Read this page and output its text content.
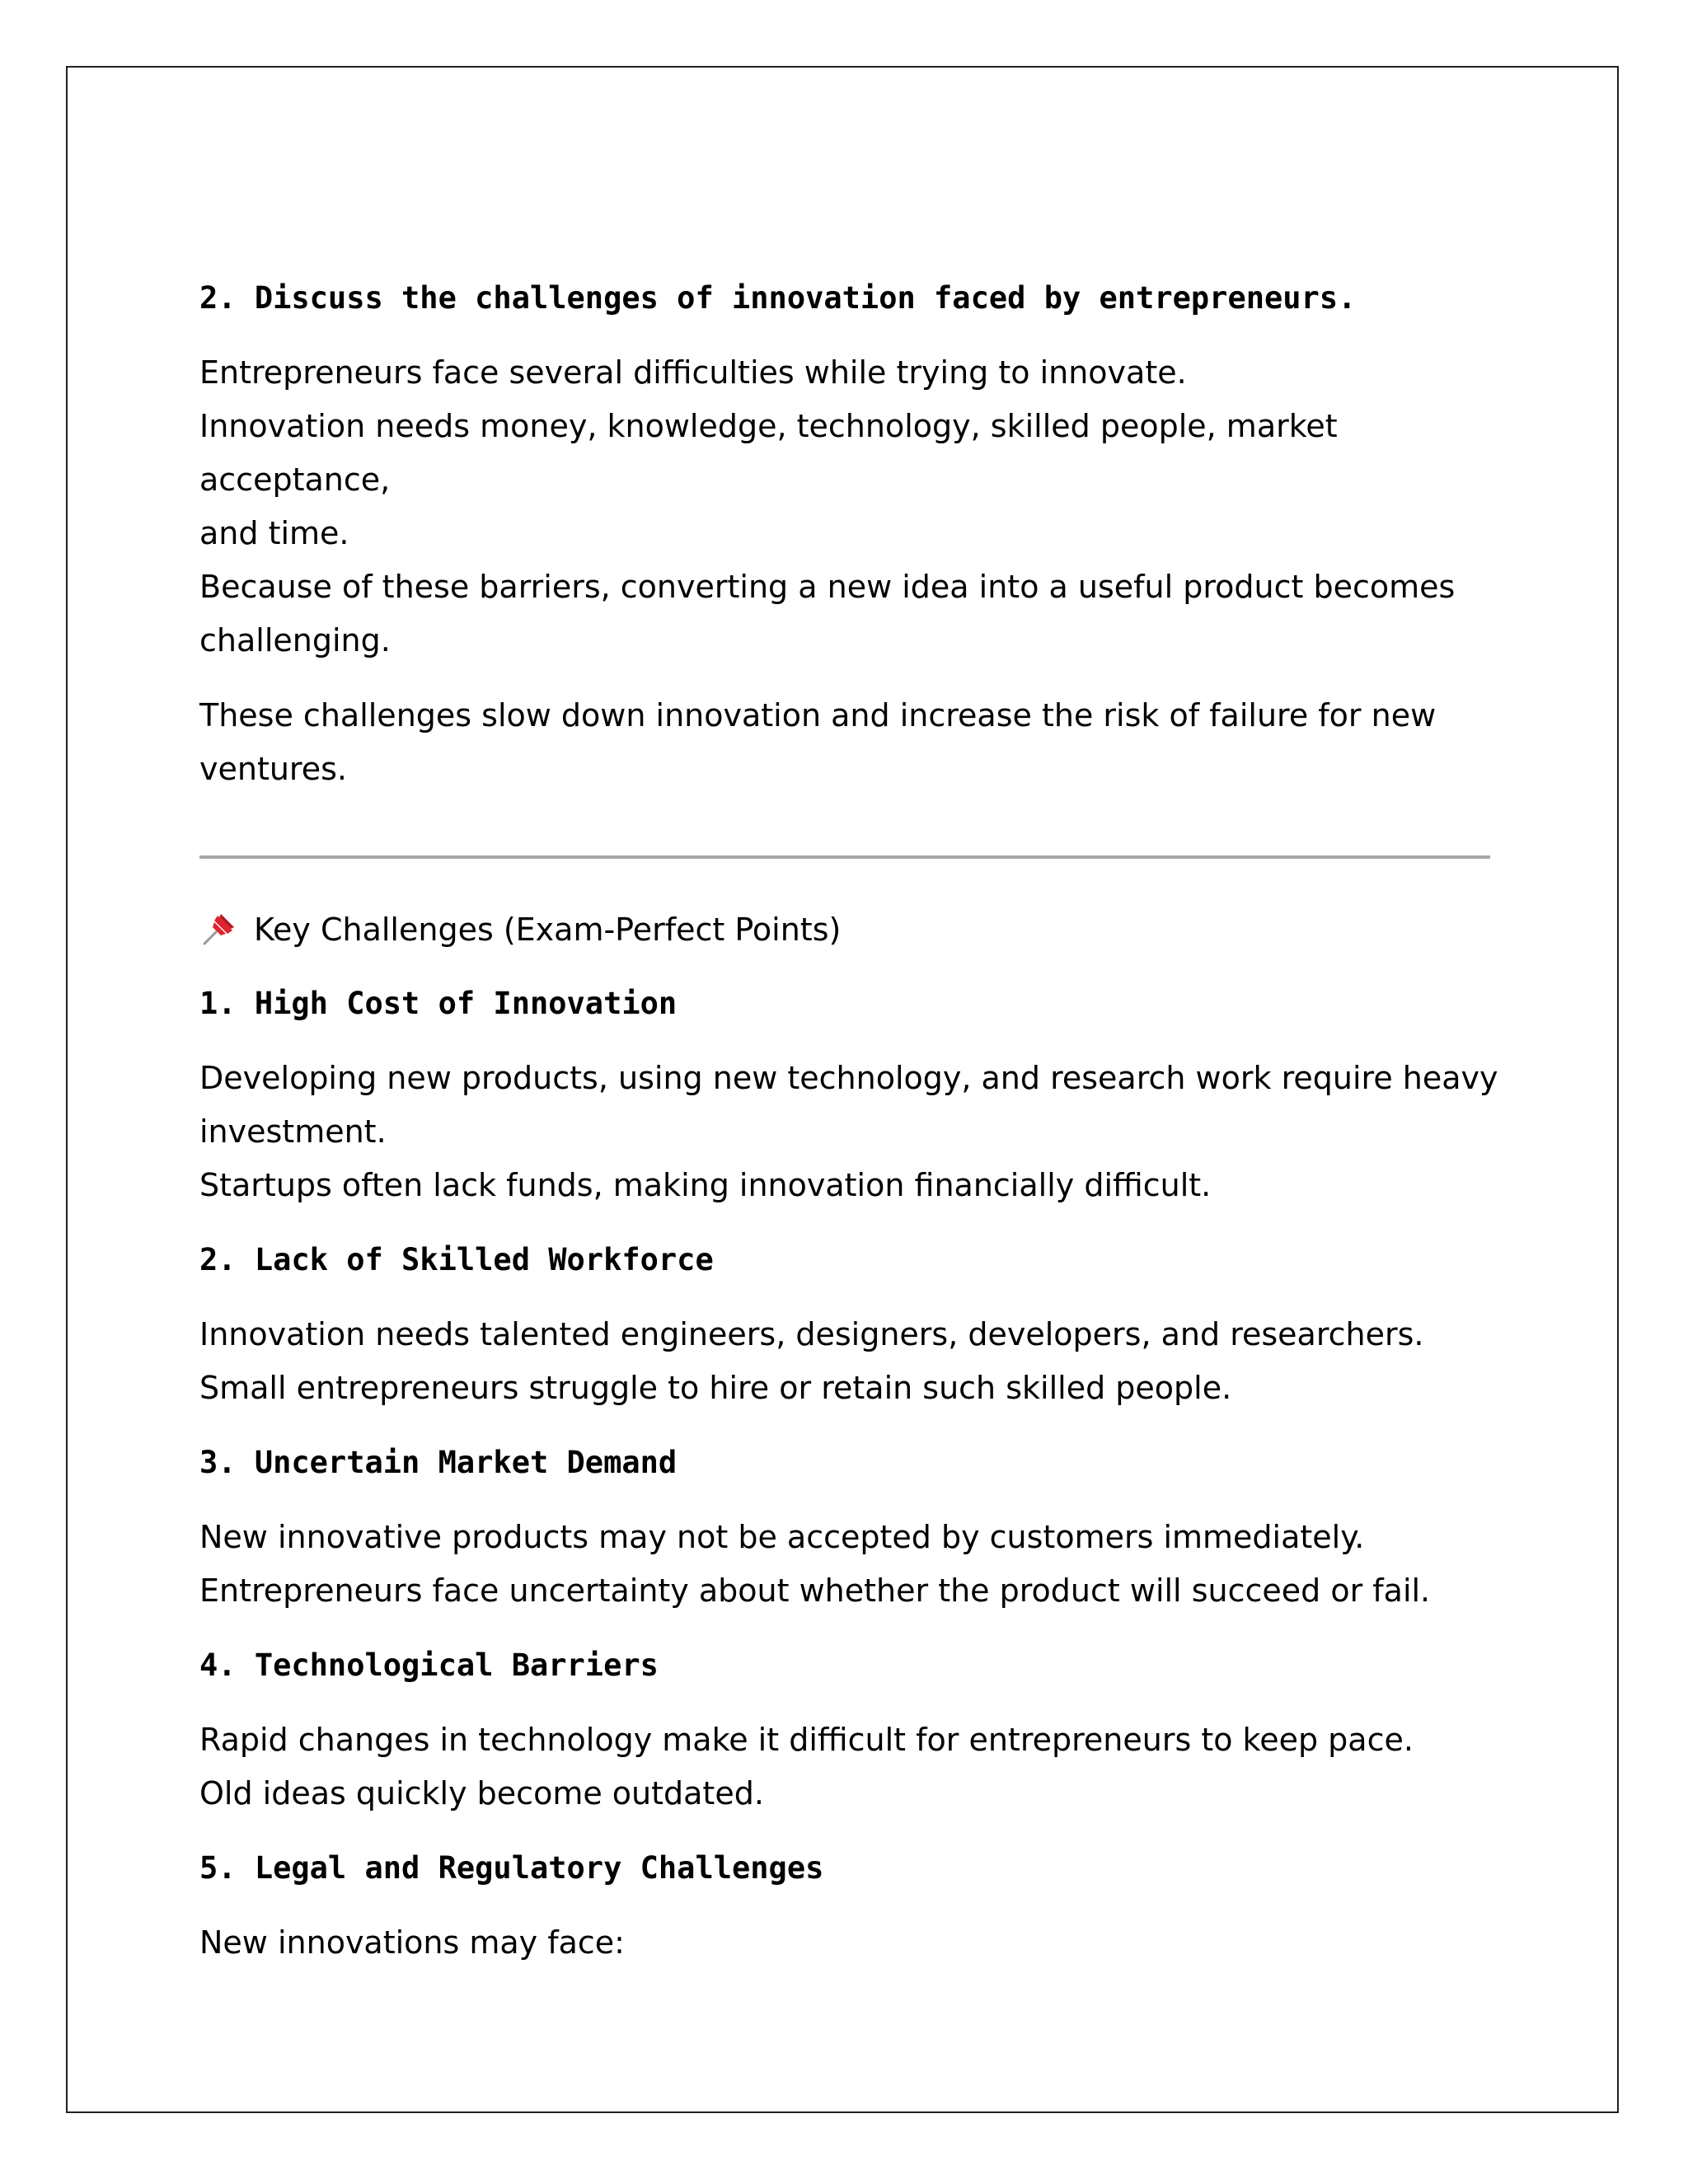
2. Discuss the challenges of innovation faced by entrepreneurs.

Entrepreneurs face several difficulties while trying to innovate.
Innovation needs money, knowledge, technology, skilled people, market acceptance,
and time.
Because of these barriers, converting a new idea into a useful product becomes
challenging.

These challenges slow down innovation and increase the risk of failure for new
ventures.

Key Challenges (Exam-Perfect Points)

1. High Cost of Innovation

Developing new products, using new technology, and research work require heavy
investment.
Startups often lack funds, making innovation financially difficult.

2. Lack of Skilled Workforce

Innovation needs talented engineers, designers, developers, and researchers.
Small entrepreneurs struggle to hire or retain such skilled people.

3. Uncertain Market Demand

New innovative products may not be accepted by customers immediately.
Entrepreneurs face uncertainty about whether the product will succeed or fail.

4. Technological Barriers

Rapid changes in technology make it difficult for entrepreneurs to keep pace.
Old ideas quickly become outdated.

5. Legal and Regulatory Challenges

New innovations may face:
